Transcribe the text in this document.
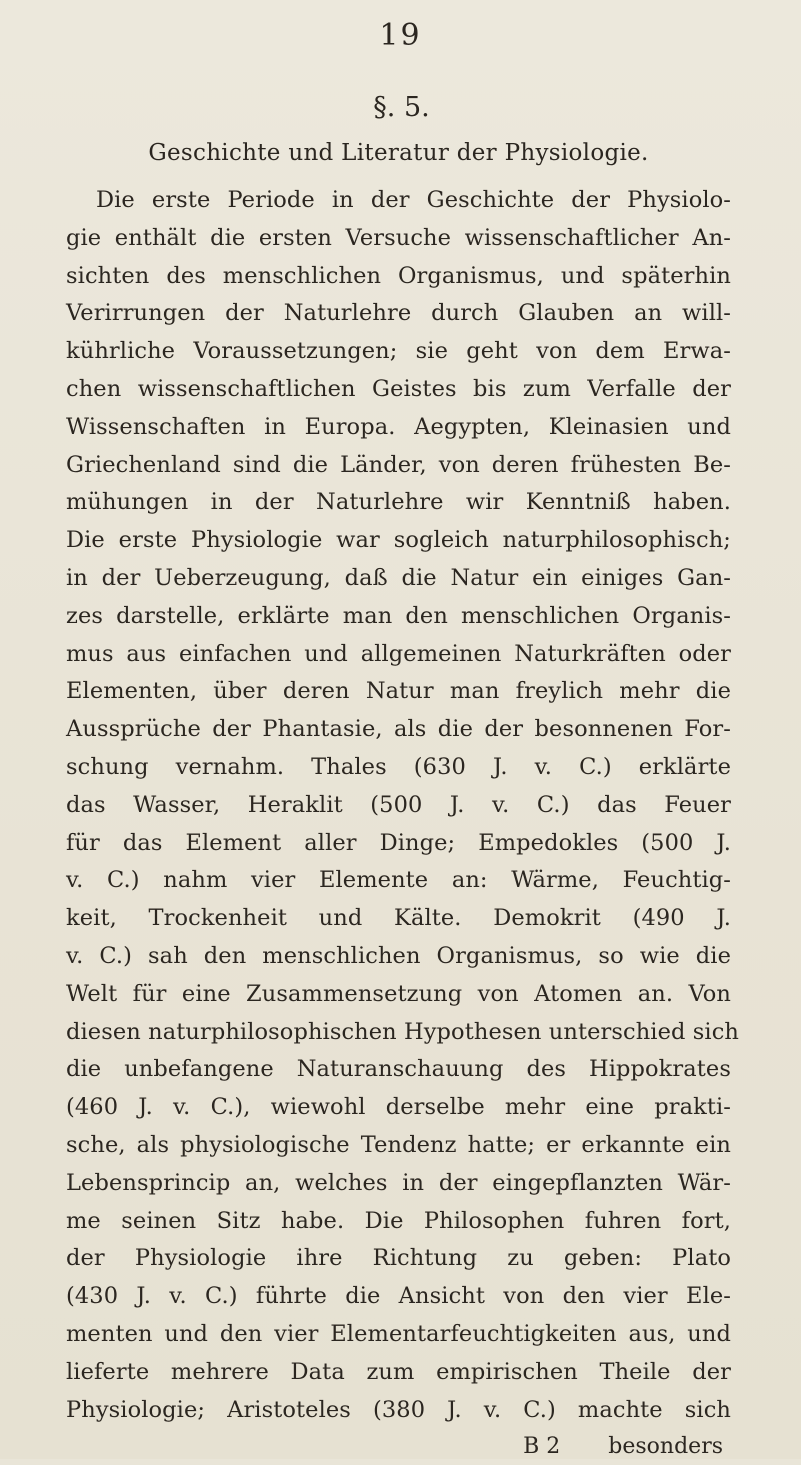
19
§. 5.
Geschichte und Literatur der Physiologie.
Die erste Periode in der Geschichte der Physiolo-
gie enthält die ersten Versuche wissenschaftlicher An-
sichten des menschlichen Organismus, und späterhin
Verirrungen der Naturlehre durch Glauben an will-
kührliche Voraussetzungen; sie geht von dem Erwa-
chen wissenschaftlichen Geistes bis zum Verfalle der
Wissenschaften in Europa. Aegypten, Kleinasien und
Griechenland sind die Länder, von deren frühesten Be-
mühungen in der Naturlehre wir Kenntniß haben.
Die erste Physiologie war sogleich naturphilosophisch;
in der Ueberzeugung, daß die Natur ein einiges Gan-
zes darstelle, erklärte man den menschlichen Organis-
mus aus einfachen und allgemeinen Naturkräften oder
Elementen, über deren Natur man freylich mehr die
Aussprüche der Phantasie, als die der besonnenen For-
schung vernahm. Thales (630 J. v. C.) erklärte
das Wasser, Heraklit (500 J. v. C.) das Feuer
für das Element aller Dinge; Empedokles (500 J.
v. C.) nahm vier Elemente an: Wärme, Feuchtig-
keit, Trockenheit und Kälte. Demokrit (490 J.
v. C.) sah den menschlichen Organismus, so wie die
Welt für eine Zusammensetzung von Atomen an. Von
diesen naturphilosophischen Hypothesen unterschied sich
die unbefangene Naturanschauung des Hippokrates
(460 J. v. C.), wiewohl derselbe mehr eine prakti-
sche, als physiologische Tendenz hatte; er erkannte ein
Lebensprincip an, welches in der eingepflanzten Wär-
me seinen Sitz habe. Die Philosophen fuhren fort,
der Physiologie ihre Richtung zu geben: Plato
(430 J. v. C.) führte die Ansicht von den vier Ele-
menten und den vier Elementarfeuchtigkeiten aus, und
lieferte mehrere Data zum empirischen Theile der
Physiologie; Aristoteles (380 J. v. C.) machte sich
B 2 besonders
